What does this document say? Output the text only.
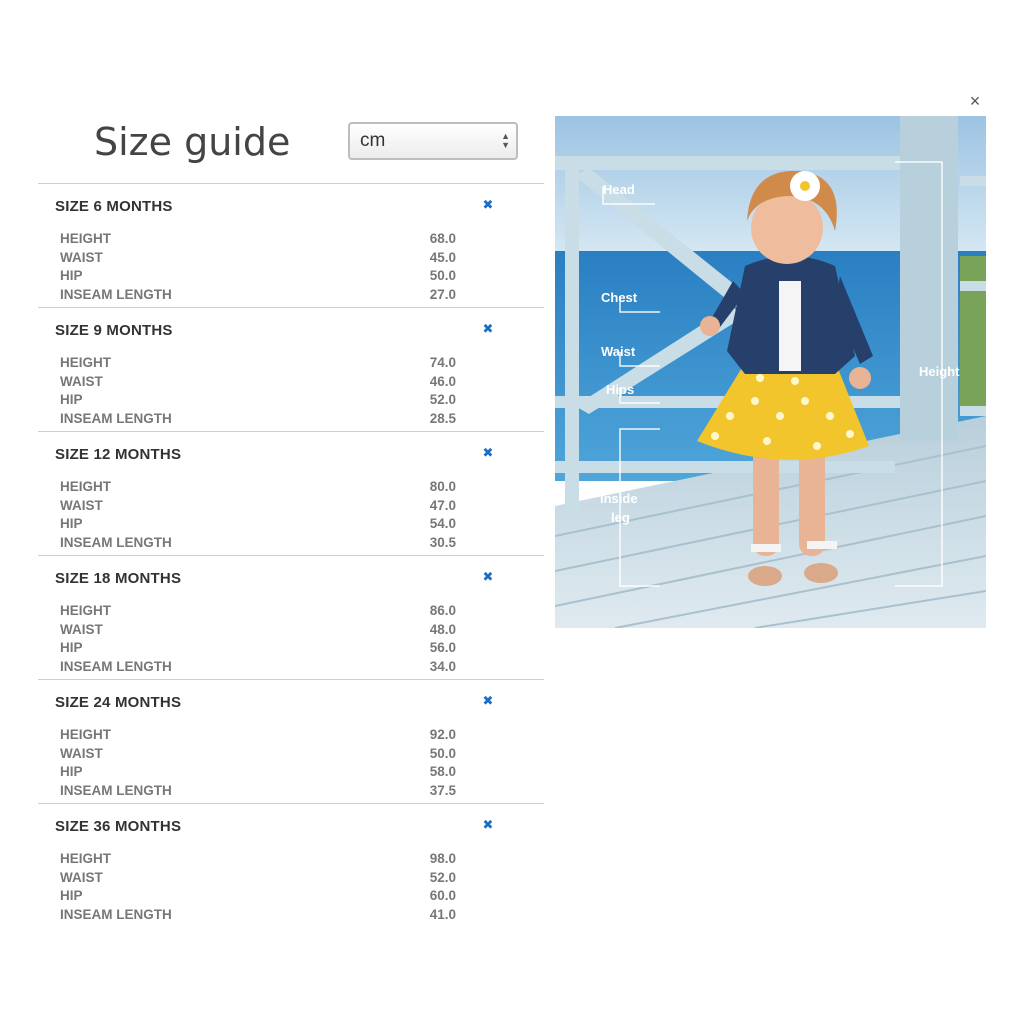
×
Size guide	cm	▲
▼
SIZE 6 MONTHS	✖
HEIGHT	68.0
WAIST	45.0
HIP	50.0
INSEAM LENGTH	27.0
SIZE 9 MONTHS	✖
HEIGHT	74.0
WAIST	46.0
HIP	52.0
INSEAM LENGTH	28.5
SIZE 12 MONTHS	✖
HEIGHT	80.0
WAIST	47.0
HIP	54.0
INSEAM LENGTH	30.5
SIZE 18 MONTHS	✖
HEIGHT	86.0
WAIST	48.0
HIP	56.0
INSEAM LENGTH	34.0
SIZE 24 MONTHS	✖
HEIGHT	92.0
WAIST	50.0
HIP	58.0
INSEAM LENGTH	37.5
SIZE 36 MONTHS	✖
HEIGHT	98.0
WAIST	52.0
HIP	60.0
INSEAM LENGTH	41.0
Head
Chest
Waist
Hips
Inside
leg
Height
